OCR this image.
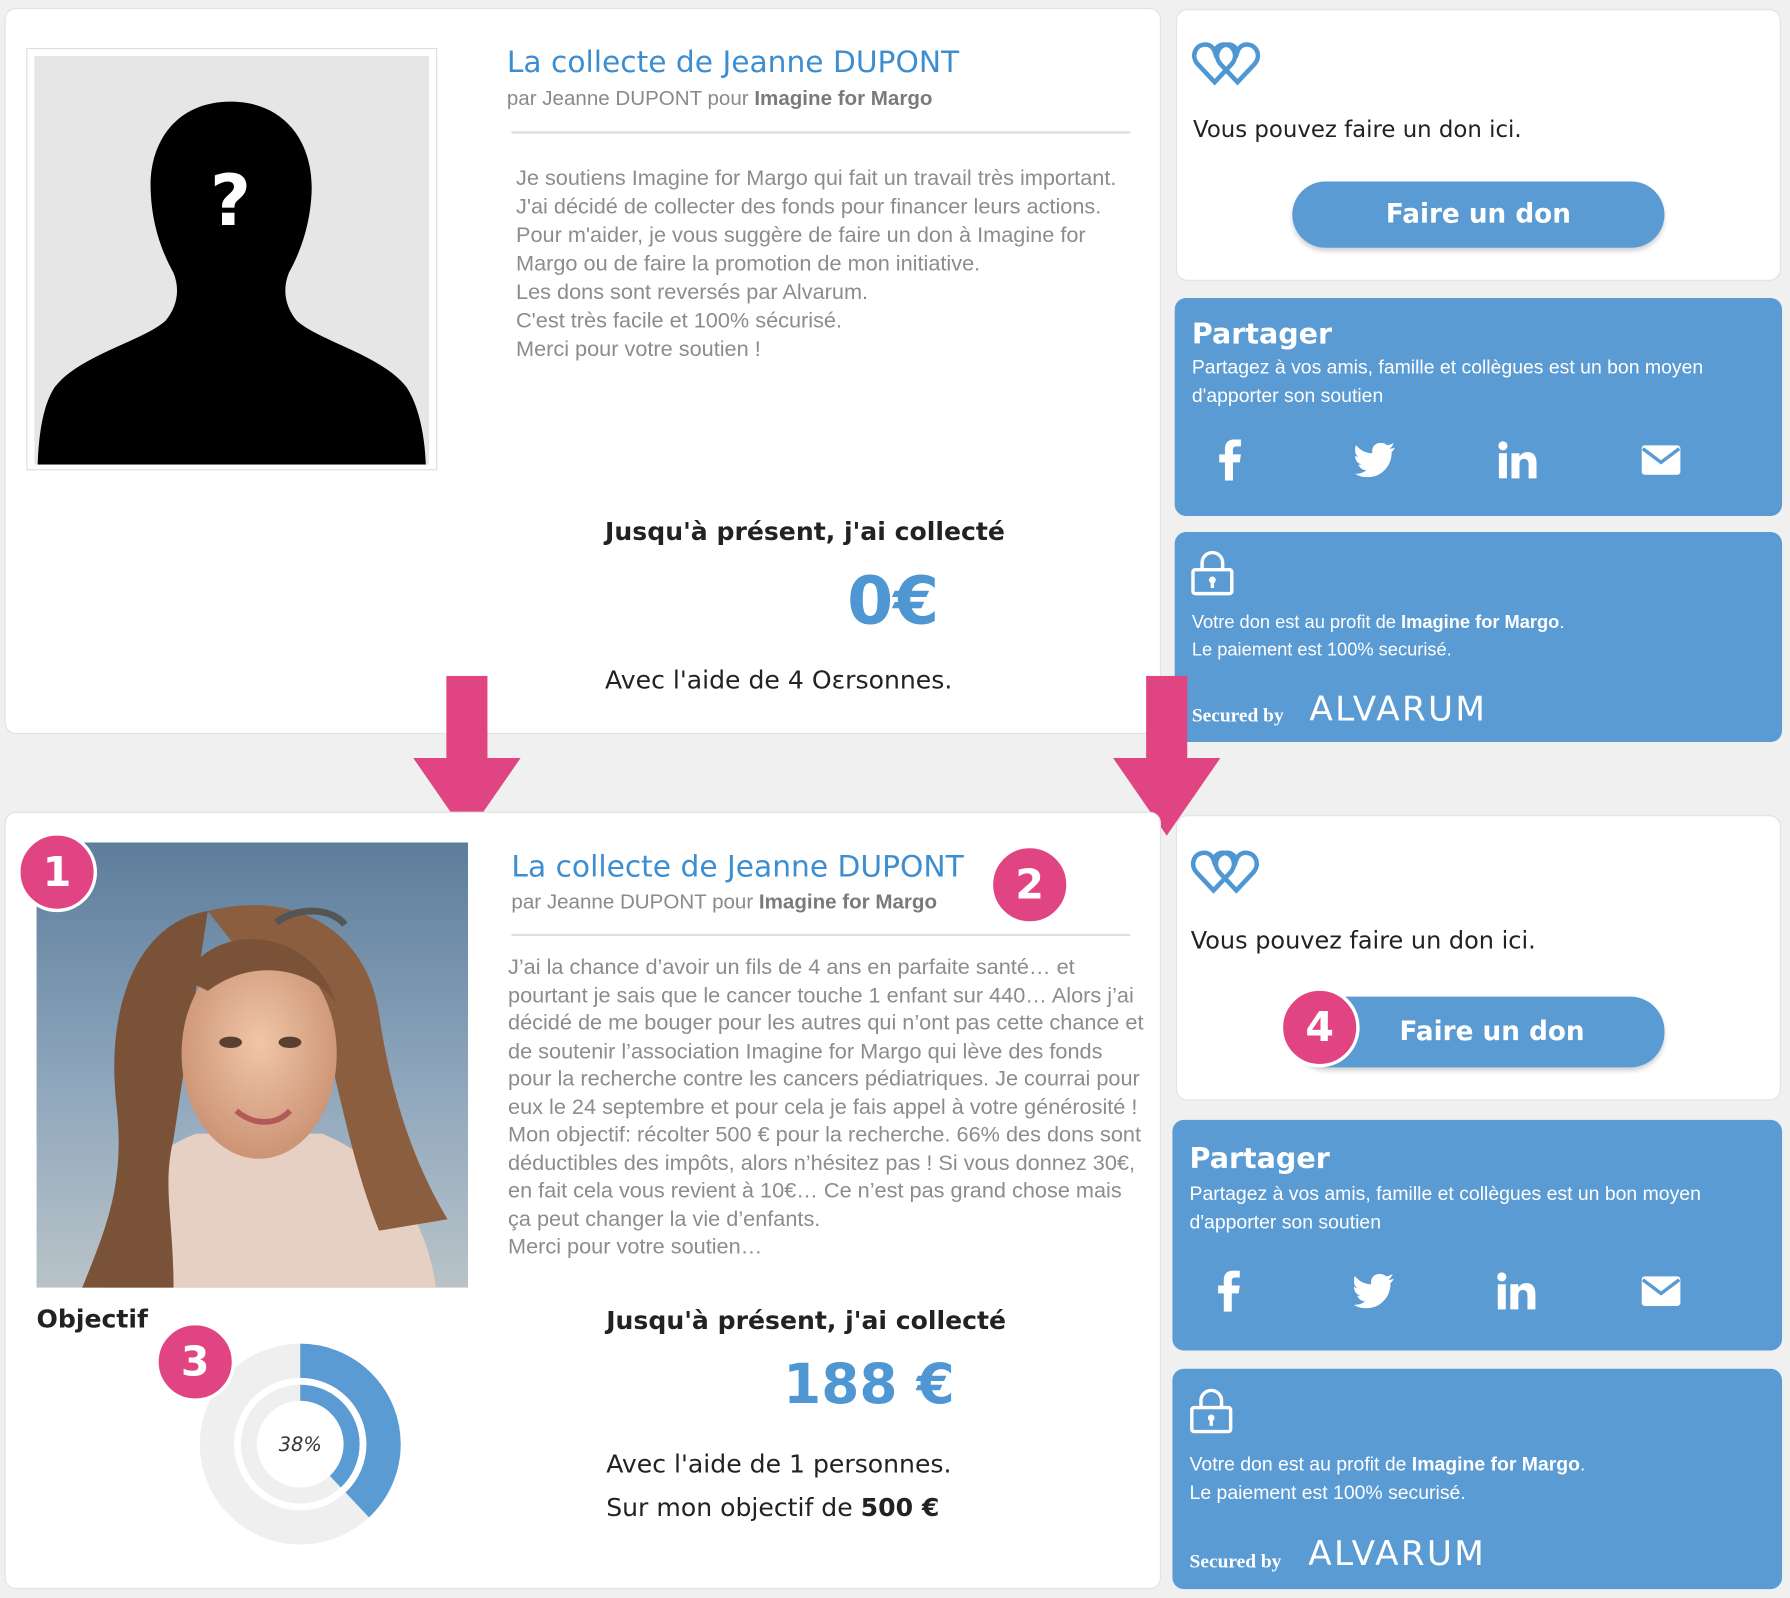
?
La collecte de Jeanne DUPONT
par Jeanne DUPONT pour Imagine for Margo
Je soutiens Imagine for Margo qui fait un travail très important. J'ai décidé de collecter des fonds pour financer leurs actions.
Pour m'aider, je vous suggère de faire un don à Imagine for Margo ou de faire la promotion de mon initiative.
Les dons sont reversés par Alvarum.
C'est très facile et 100% sécurisé.
Merci pour votre soutien !
Jusqu'à présent, j'ai collecté
0€
Avec l'aide de 4 Oɛrsonnes.
Vous pouvez faire un don ici.
Faire un don
Partager
Partagez à vos amis, famille et collègues est un bon moyen d'apporter son soutien
Votre don est au profit de Imagine for Margo.
Le paiement est 100% securisé.
Secured by ALVARUM
La collecte de Jeanne DUPONT
par Jeanne DUPONT pour Imagine for Margo
J’ai la chance d’avoir un fils de 4 ans en parfaite santé… et pourtant je sais que le cancer touche 1 enfant sur 440… Alors j’ai décidé de me bouger pour les autres qui n’ont pas cette chance et de soutenir l’association Imagine for Margo qui lève des fonds pour la recherche contre les cancers pédiatriques. Je courrai pour eux le 24 septembre et pour cela je fais appel à votre générosité ! Mon objectif: récolter 500 € pour la recherche. 66% des dons sont déductibles des impôts, alors n’hésitez pas ! Si vous donnez 30€, en fait cela vous revient à 10€… Ce n’est pas grand chose mais ça peut changer la vie d’enfants.
Merci pour votre soutien…
Objectif
38%
Jusqu'à présent, j'ai collecté
188 €
Avec l'aide de 1 personnes.
Sur mon objectif de 500 €
Vous pouvez faire un don ici.
Faire un don
Partager
Partagez à vos amis, famille et collègues est un bon moyen d'apporter son soutien
Votre don est au profit de Imagine for Margo.
Le paiement est 100% securisé.
Secured by ALVARUM
1	2
3
4
